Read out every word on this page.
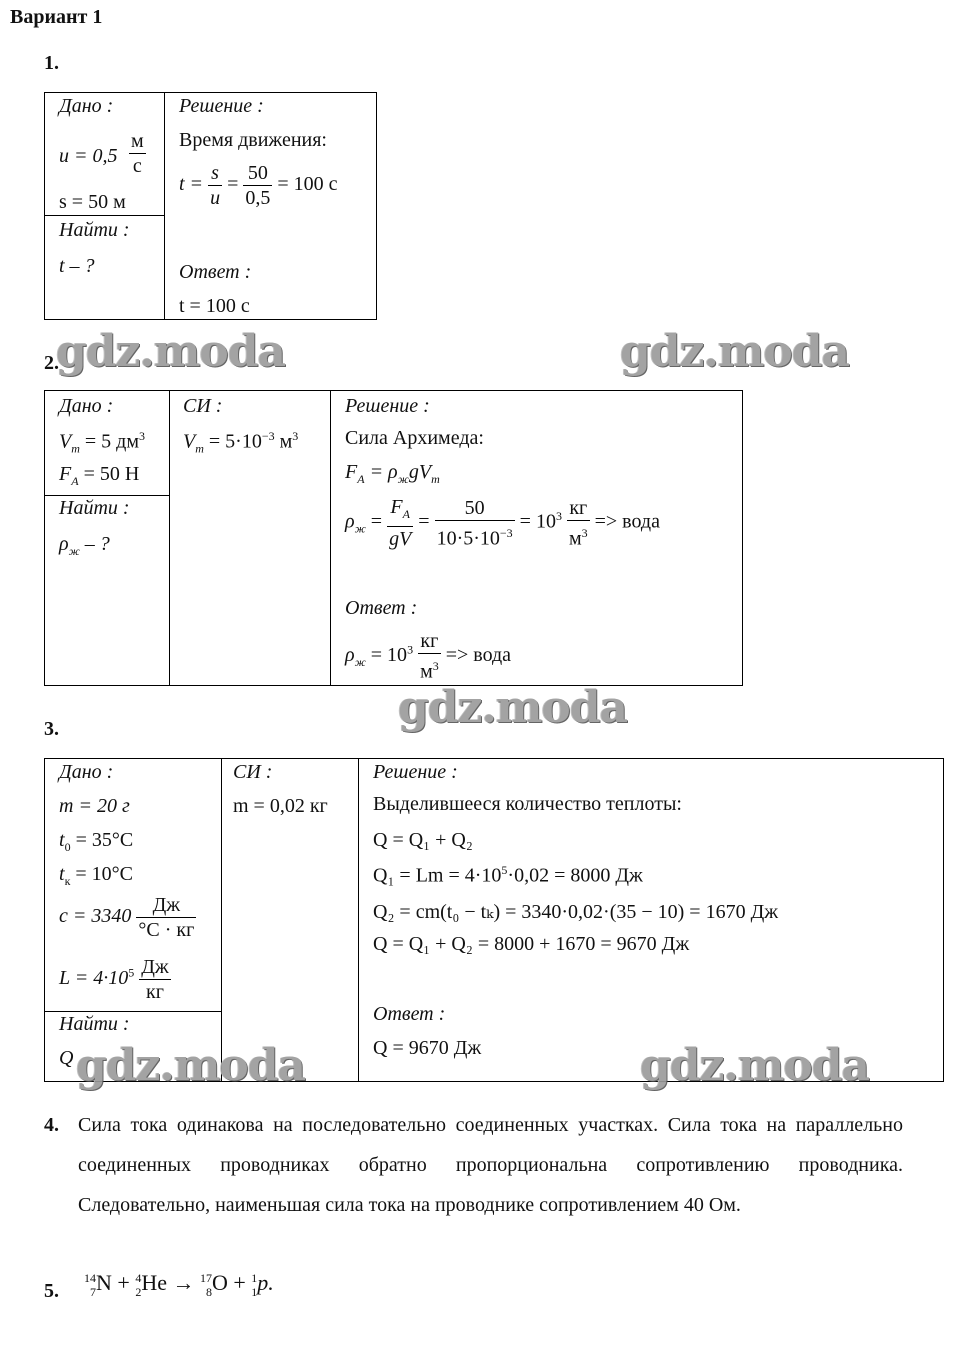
Вариант 1
1.
Дано :
$u = 0,5 \frac{м}{с}$
s = 50 м
Найти :
t – ?
Решение :
Время движения:
$t = \frac{s}{u} = \frac{50}{0,5} = 100$ с
Ответ :
t = 100 с
2.
Дано :
$V_m = 5$ $дм^3$
$F_A = 50$ Н
Найти :
$\rho_ж$ – ?
СИ :
$V_m = 5\cdot 10^{-3}$ $м^3$
Решение :
Сила Архимеда:
$F_A = \rho_жgV_m$
$\rho_ж = \frac{F_A}{gV} = \frac{50}{10\cdot 5\cdot 10^{-3}} = 10^3 \frac{кг}{м^3}$ => вода
Ответ :
$\rho_ж = 10^3 \frac{кг}{м^3}$ => вода
3.
Дано :
m = 20 г
$t_0 = 35^\circ С$
$t_к = 10^\circ С$
$c = 3340 \frac{Дж}{^\circ С \cdot кг}$
$L = 4\cdot 10^5 \frac{Дж}{кг}$
Найти :
Q
СИ :
m = 0,02 кг
Решение :
Выделившееся количество теплоты:
Q = Q₁ + Q₂
$Q_1 = Lm = 4\cdot 10^5\cdot 0,02 = 8000$ Дж
Q₂ = cm(t₀ − tₖ) = 3340·0,02·(35 − 10) = 1670 Дж
Q = Q₁ + Q₂ = 8000 + 1670 = 9670 Дж
Ответ :
Q = 9670 Дж
4. Сила тока одинакова на последовательно соединенных участках. Сила тока на параллельно соединенных проводниках обратно пропорциональна сопротивлению проводника. Следовательно, наименьшая сила тока на проводнике сопротивлением 40 Ом.
5.
14
7N + 4
2He → 17
8O + 1
1p.
gdz.moda	gdz.moda
gdz.moda
gdz.moda	gdz.moda
